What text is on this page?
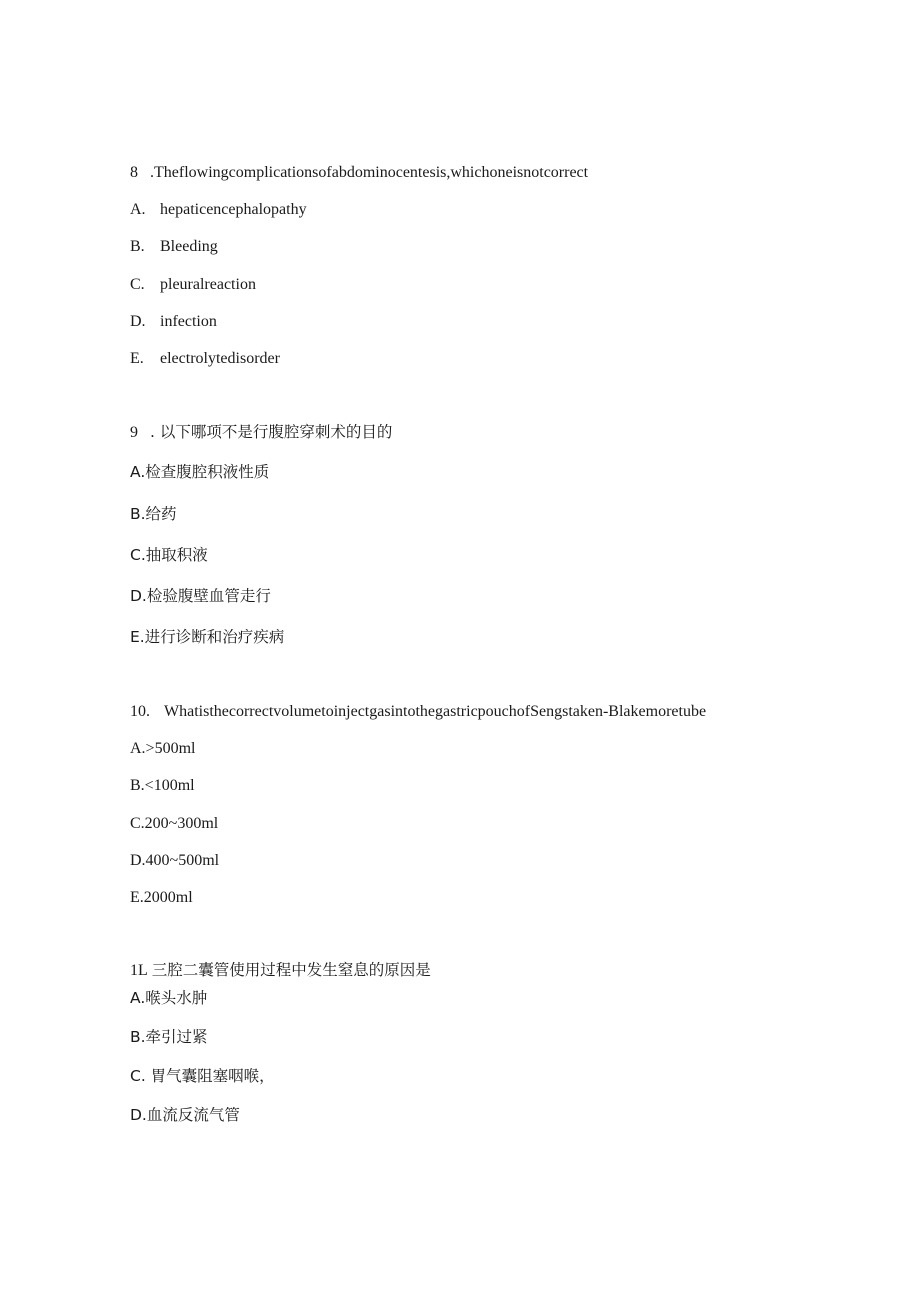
8 .Theflowingcomplicationsofabdominocentesis,whichoneisnotcorrect
A. hepaticencephalopathy
B. Bleeding
C. pleuralreaction
D. infection
E. electrolytedisorder
9 . 以下哪项不是行腹腔穿刺术的目的
A.检查腹腔积液性质
B.给药
C.抽取积液
D.检验腹壁血管走行
E.进行诊断和治疗疾病
10. WhatisthecorrectvolumetoinjectgasintothegastricpouchofSengstaken-Blakemoretube
A.>500ml
B.<100ml
C.200~300ml
D.400~500ml
E.2000ml
1L 三腔二囊管使用过程中发生窒息的原因是
A.喉头水肿
B.牵引过紧
C. 胃气囊阻塞咽喉，
D.血流反流气管
